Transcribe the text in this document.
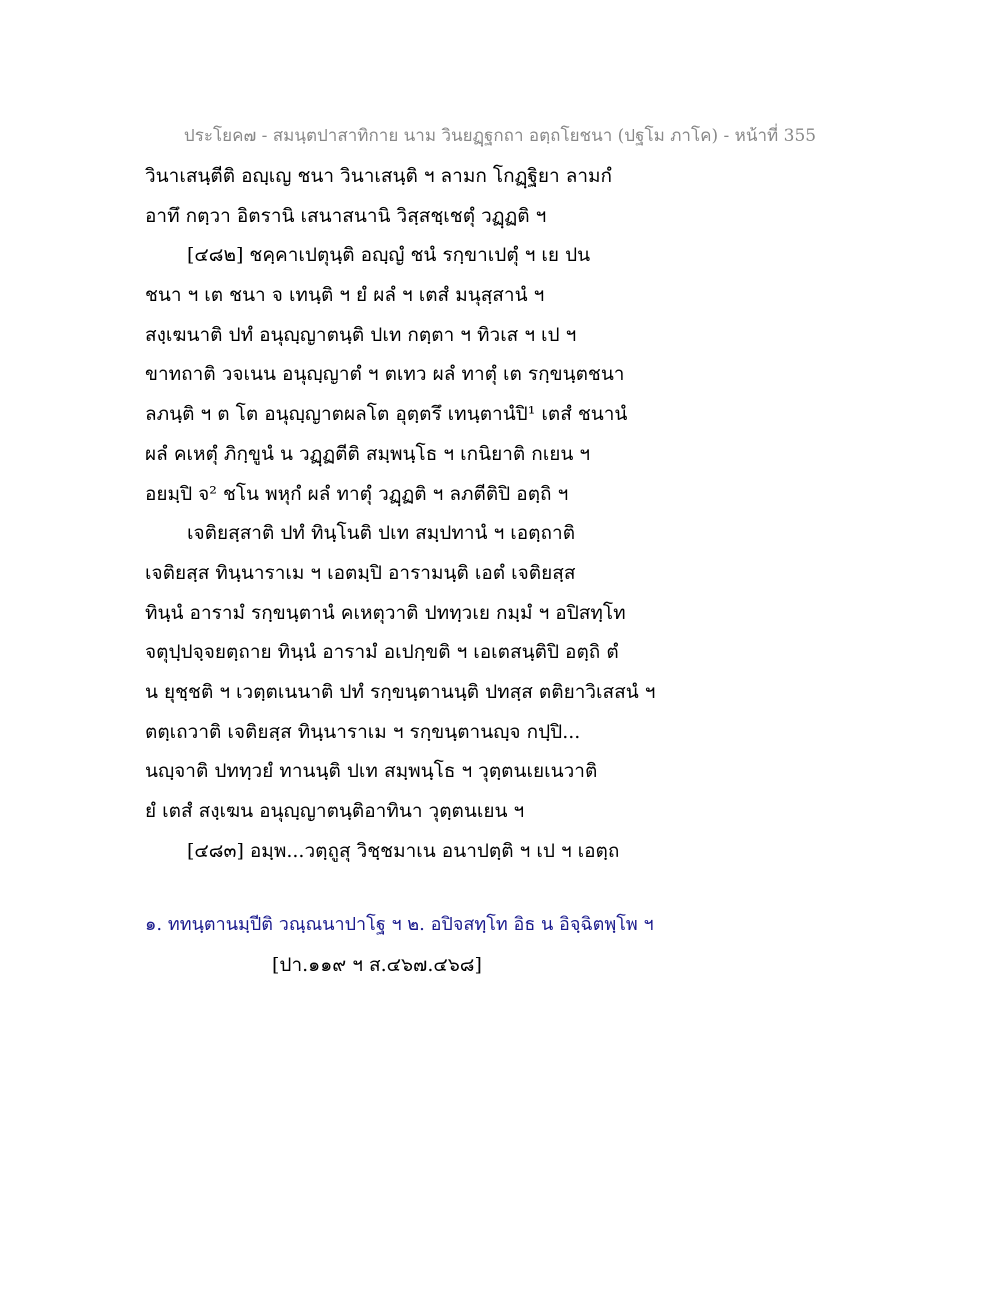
ประโยค๗ - สมนฺตปาสาทิกาย นาม วินยฏฺฐกถา อตฺถโยชนา (ปฐโม ภาโค) - หน้าที่ 355
วินาเสนฺตีติ อญฺเญ ชนา วินาเสนฺติ ฯ ลามก โกฏฺฐิยา ลามกํ
อาทึ กตฺวา อิตรานิ เสนาสนานิ วิสฺสชฺเชตุํ วฏฺฏติ ฯ
[๔๘๒] ชคฺคาเปตุนฺติ อญฺญํ ชนํ รกฺขาเปตุํ ฯ เย ปน
ชนา ฯ เต ชนา จ เทนฺติ ฯ ยํ ผลํ ฯ เตสํ มนุสฺสานํ ฯ
สงฺเฆนาติ ปทํ อนุญฺญาตนฺติ ปเท กตฺตา ฯ ทิวเส ฯ เป ฯ
ขาทถาติ วจเนน อนุญฺญาตํ ฯ ตเทว ผลํ ทาตุํ เต รกฺขนฺตชนา
ลภนฺติ ฯ ต โต อนุญฺญาตผลโต อุตฺตรึ เทนฺตานํปิ¹ เตสํ ชนานํ
ผลํ คเหตุํ ภิกฺขูนํ น วฏฺฏตีติ สมฺพนฺโธ ฯ เกนิยาติ กเยน ฯ
อยมฺปิ จ² ชโน พหุกํ ผลํ ทาตุํ วฏฺฏติ ฯ ลภตีติปิ อตฺถิ ฯ
เจติยสฺสาติ ปทํ ทินฺโนติ ปเท สมฺปทานํ ฯ เอตฺถาติ
เจติยสฺส ทินฺนาราเม ฯ เอตมฺปิ อารามนฺติ เอตํ เจติยสฺส
ทินฺนํ อารามํ รกฺขนฺตานํ คเหตุวาติ ปททฺวเย กมฺมํ ฯ อปิสทฺโท
จตุปฺปจฺจยตฺถาย ทินฺนํ อารามํ อเปกฺขติ ฯ เอเตสนฺติปิ อตฺถิ ตํ
น ยุชฺชติ ฯ เวตฺตเนนาติ ปทํ รกฺขนฺตานนฺติ ปทสฺส ตติยาวิเสสนํ ฯ
ตตฺเถวาติ เจติยสฺส ทินฺนาราเม ฯ รกฺขนฺตานญฺจ กปฺปิ...
นญฺจาติ ปททฺวยํ ทานนฺติ ปเท สมฺพนฺโธ ฯ วุตฺตนเยเนวาติ
ยํ เตสํ สงฺเฆน อนุญฺญาตนฺติอาทินา วุตฺตนเยน ฯ
[๔๘๓] อมฺพ...วตฺถูสุ วิชฺชมาเน อนาปตฺติ ฯ เป ฯ เอตฺถ
๑. ททนฺตานมฺปีติ วณฺณนาปาโฐ ฯ ๒. อปิจสทฺโท อิธ น อิจฺฉิตพฺโพ ฯ
[ปา.๑๑๙ ฯ ส.๔๖๗.๔๖๘]
